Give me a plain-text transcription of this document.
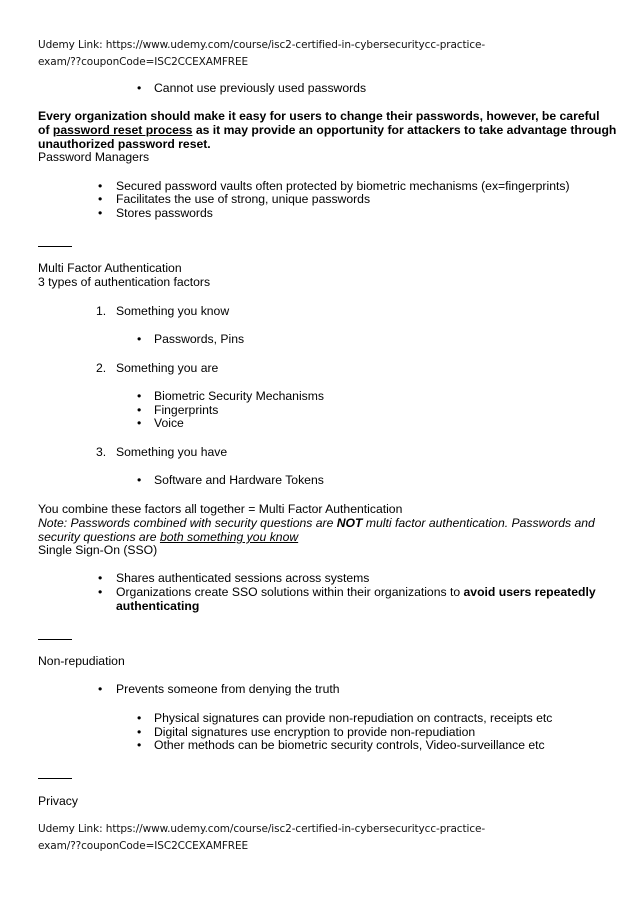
Udemy Link: https://www.udemy.com/course/isc2-certified-in-cybersecuritycc-practice-
exam/??couponCode=ISC2CCEXAMFREE
• Cannot use previously used passwords
Every organization should make it easy for users to change their passwords, however, be careful
of password reset process as it may provide an opportunity for attackers to take advantage through
unauthorized password reset.
Password Managers
• Secured password vaults often protected by biometric mechanisms (ex=fingerprints)
• Facilitates the use of strong, unique passwords
• Stores passwords
Multi Factor Authentication
3 types of authentication factors
1. Something you know
• Passwords, Pins
2. Something you are
• Biometric Security Mechanisms
• Fingerprints
• Voice
3. Something you have
• Software and Hardware Tokens
You combine these factors all together = Multi Factor Authentication
Note: Passwords combined with security questions are NOT multi factor authentication. Passwords and
security questions are both something you know
Single Sign-On (SSO)
• Shares authenticated sessions across systems
• Organizations create SSO solutions within their organizations to avoid users repeatedly
authenticating
Non-repudiation
• Prevents someone from denying the truth
• Physical signatures can provide non-repudiation on contracts, receipts etc
• Digital signatures use encryption to provide non-repudiation
• Other methods can be biometric security controls, Video-surveillance etc
Privacy
Udemy Link: https://www.udemy.com/course/isc2-certified-in-cybersecuritycc-practice-
exam/??couponCode=ISC2CCEXAMFREE
